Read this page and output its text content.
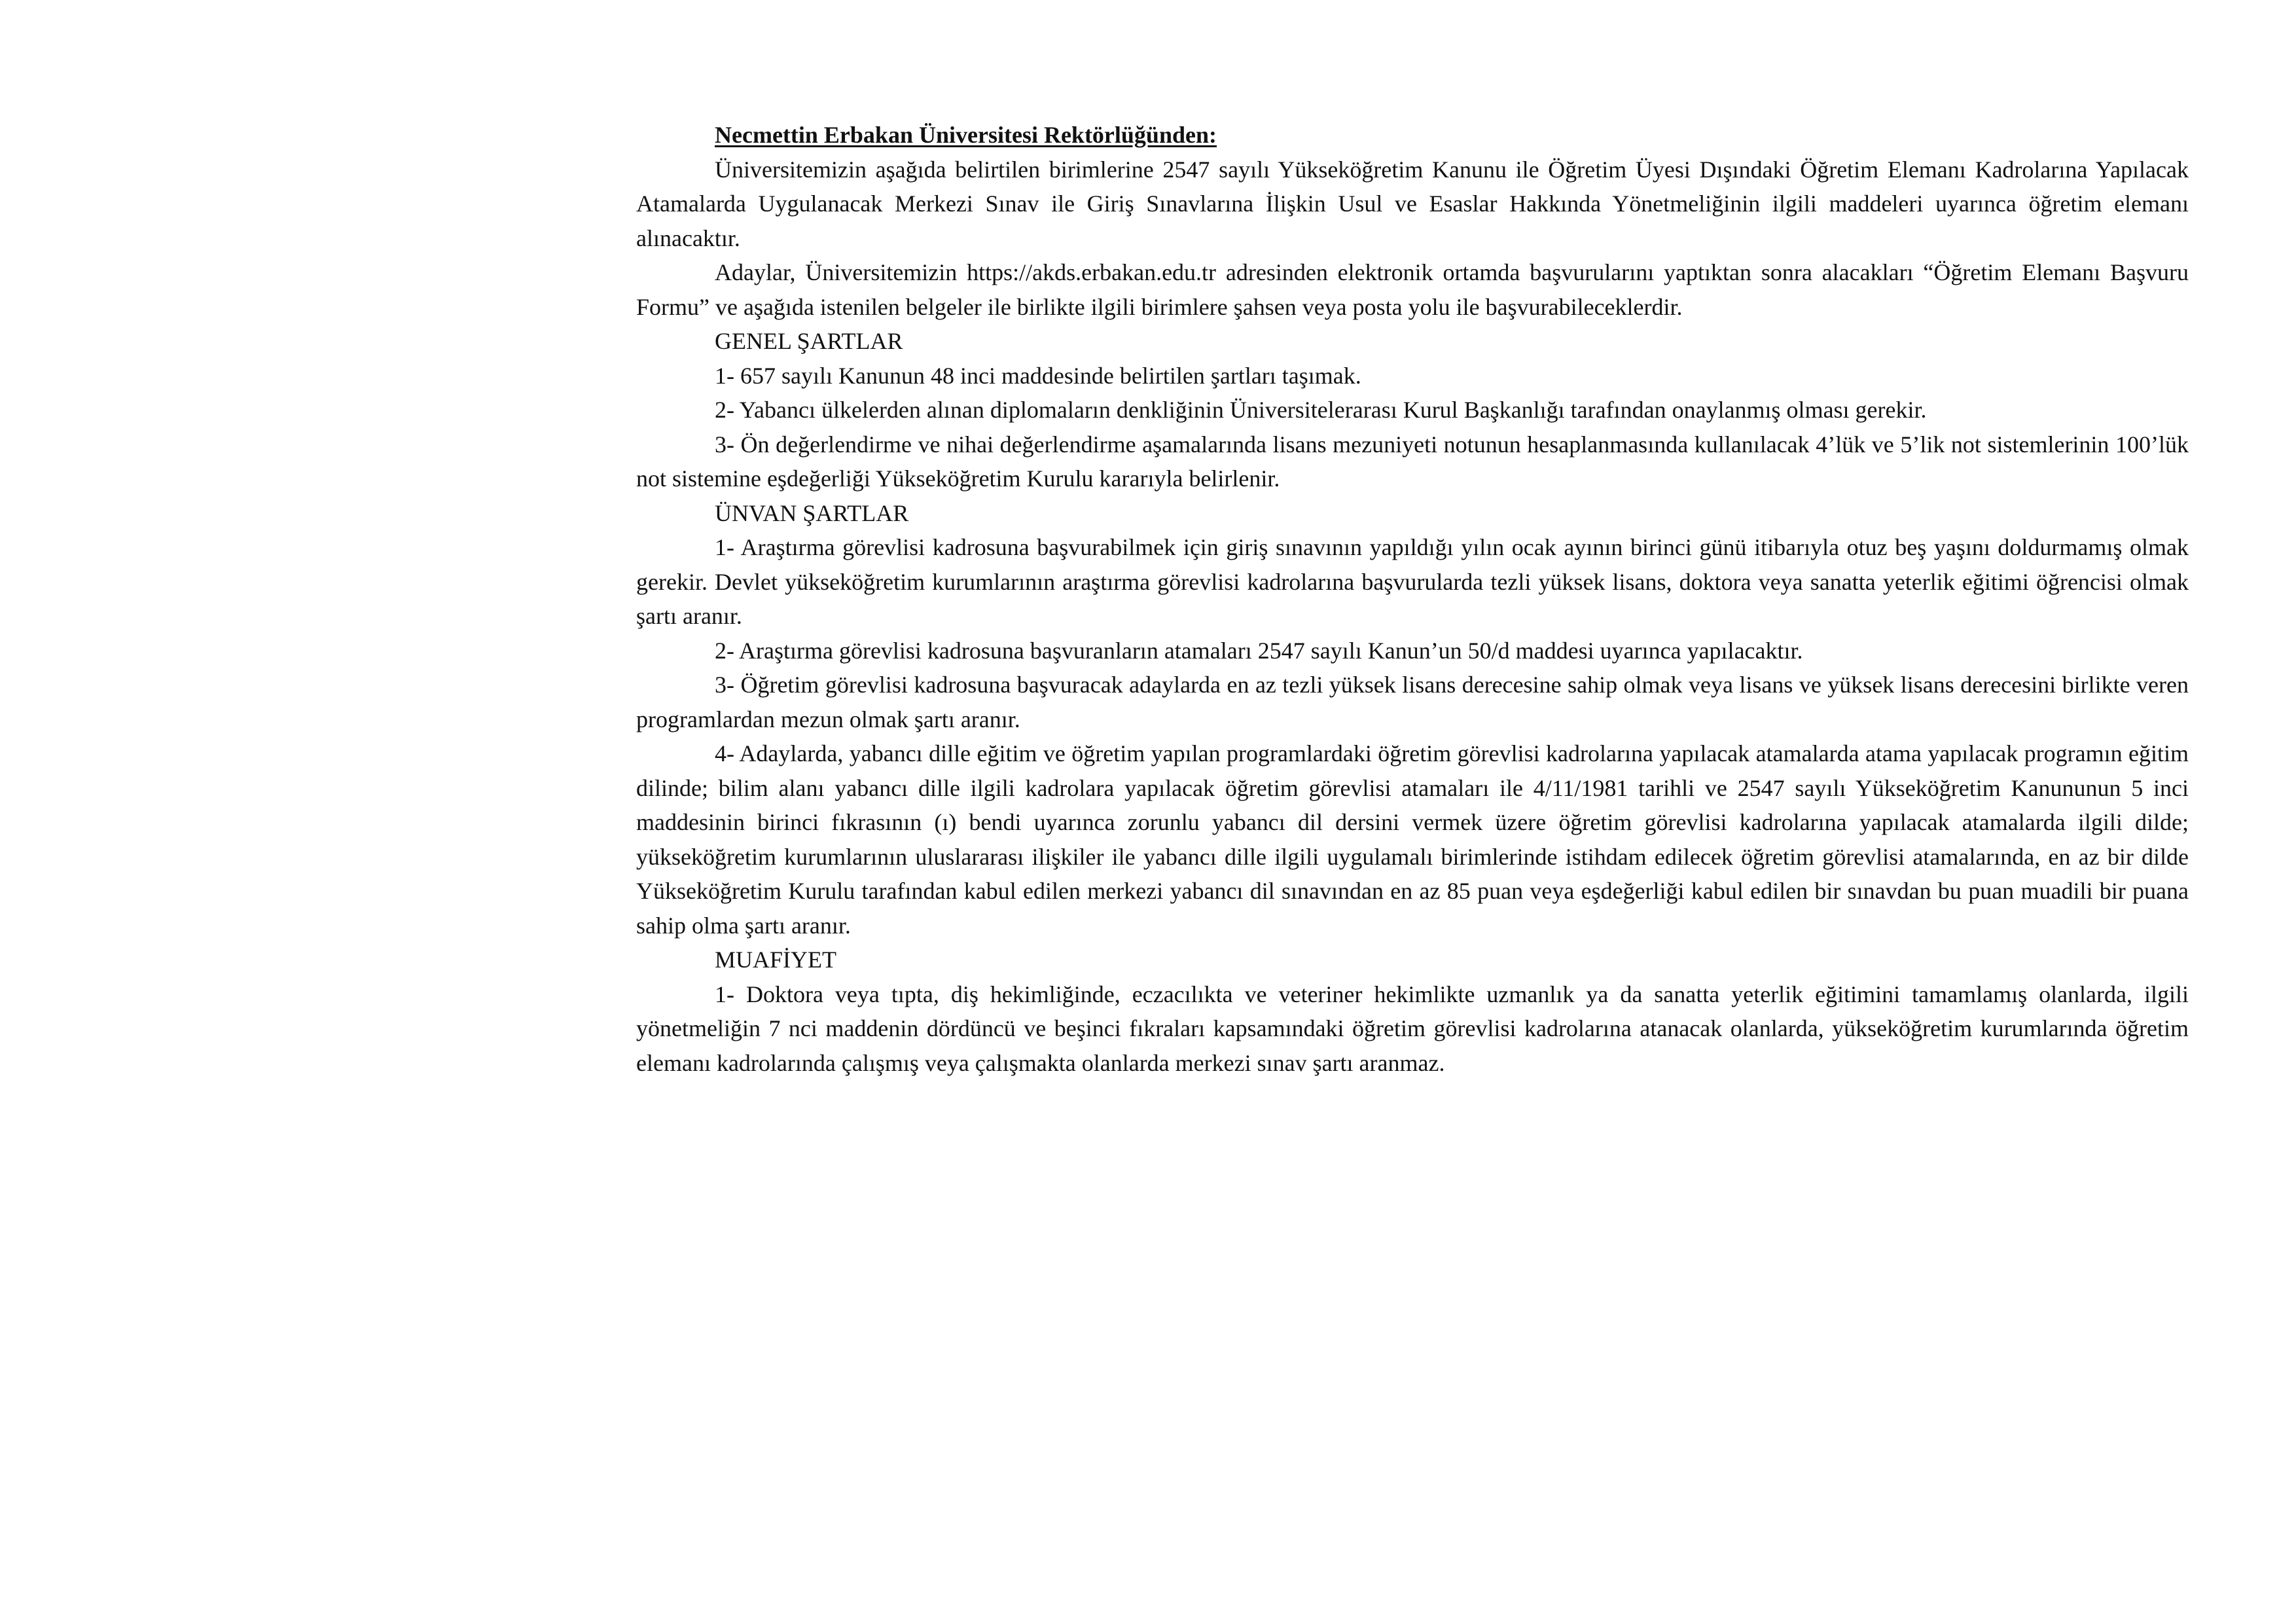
Necmettin Erbakan Üniversitesi Rektörlüğünden:

Üniversitemizin aşağıda belirtilen birimlerine 2547 sayılı Yükseköğretim Kanunu ile Öğretim Üyesi Dışındaki Öğretim Elemanı Kadrolarına Yapılacak Atamalarda Uygulanacak Merkezi Sınav ile Giriş Sınavlarına İlişkin Usul ve Esaslar Hakkında Yönetmeliğinin ilgili maddeleri uyarınca öğretim elemanı alınacaktır.

Adaylar, Üniversitemizin https://akds.erbakan.edu.tr adresinden elektronik ortamda başvurularını yaptıktan sonra alacakları “Öğretim Elemanı Başvuru Formu” ve aşağıda istenilen belgeler ile birlikte ilgili birimlere şahsen veya posta yolu ile başvurabileceklerdir.

GENEL ŞARTLAR

1- 657 sayılı Kanunun 48 inci maddesinde belirtilen şartları taşımak.

2- Yabancı ülkelerden alınan diplomaların denkliğinin Üniversitelerarası Kurul Başkanlığı tarafından onaylanmış olması gerekir.

3- Ön değerlendirme ve nihai değerlendirme aşamalarında lisans mezuniyeti notunun hesaplanmasında kullanılacak 4’lük ve 5’lik not sistemlerinin 100’lük not sistemine eşdeğerliği Yükseköğretim Kurulu kararıyla belirlenir.

ÜNVAN ŞARTLAR

1- Araştırma görevlisi kadrosuna başvurabilmek için giriş sınavının yapıldığı yılın ocak ayının birinci günü itibarıyla otuz beş yaşını doldurmamış olmak gerekir. Devlet yükseköğretim kurumlarının araştırma görevlisi kadrolarına başvurularda tezli yüksek lisans, doktora veya sanatta yeterlik eğitimi öğrencisi olmak şartı aranır.

2- Araştırma görevlisi kadrosuna başvuranların atamaları 2547 sayılı Kanun’un 50/d maddesi uyarınca yapılacaktır.

3- Öğretim görevlisi kadrosuna başvuracak adaylarda en az tezli yüksek lisans derecesine sahip olmak veya lisans ve yüksek lisans derecesini birlikte veren programlardan mezun olmak şartı aranır.

4- Adaylarda, yabancı dille eğitim ve öğretim yapılan programlardaki öğretim görevlisi kadrolarına yapılacak atamalarda atama yapılacak programın eğitim dilinde; bilim alanı yabancı dille ilgili kadrolara yapılacak öğretim görevlisi atamaları ile 4/11/1981 tarihli ve 2547 sayılı Yükseköğretim Kanununun 5 inci maddesinin birinci fıkrasının (ı) bendi uyarınca zorunlu yabancı dil dersini vermek üzere öğretim görevlisi kadrolarına yapılacak atamalarda ilgili dilde; yükseköğretim kurumlarının uluslararası ilişkiler ile yabancı dille ilgili uygulamalı birimlerinde istihdam edilecek öğretim görevlisi atamalarında, en az bir dilde Yükseköğretim Kurulu tarafından kabul edilen merkezi yabancı dil sınavından en az 85 puan veya eşdeğerliği kabul edilen bir sınavdan bu puan muadili bir puana sahip olma şartı aranır.

MUAFİYET

1- Doktora veya tıpta, diş hekimliğinde, eczacılıkta ve veteriner hekimlikte uzmanlık ya da sanatta yeterlik eğitimini tamamlamış olanlarda, ilgili yönetmeliğin 7 nci maddenin dördüncü ve beşinci fıkraları kapsamındaki öğretim görevlisi kadrolarına atanacak olanlarda, yükseköğretim kurumlarında öğretim elemanı kadrolarında çalışmış veya çalışmakta olanlarda merkezi sınav şartı aranmaz.
